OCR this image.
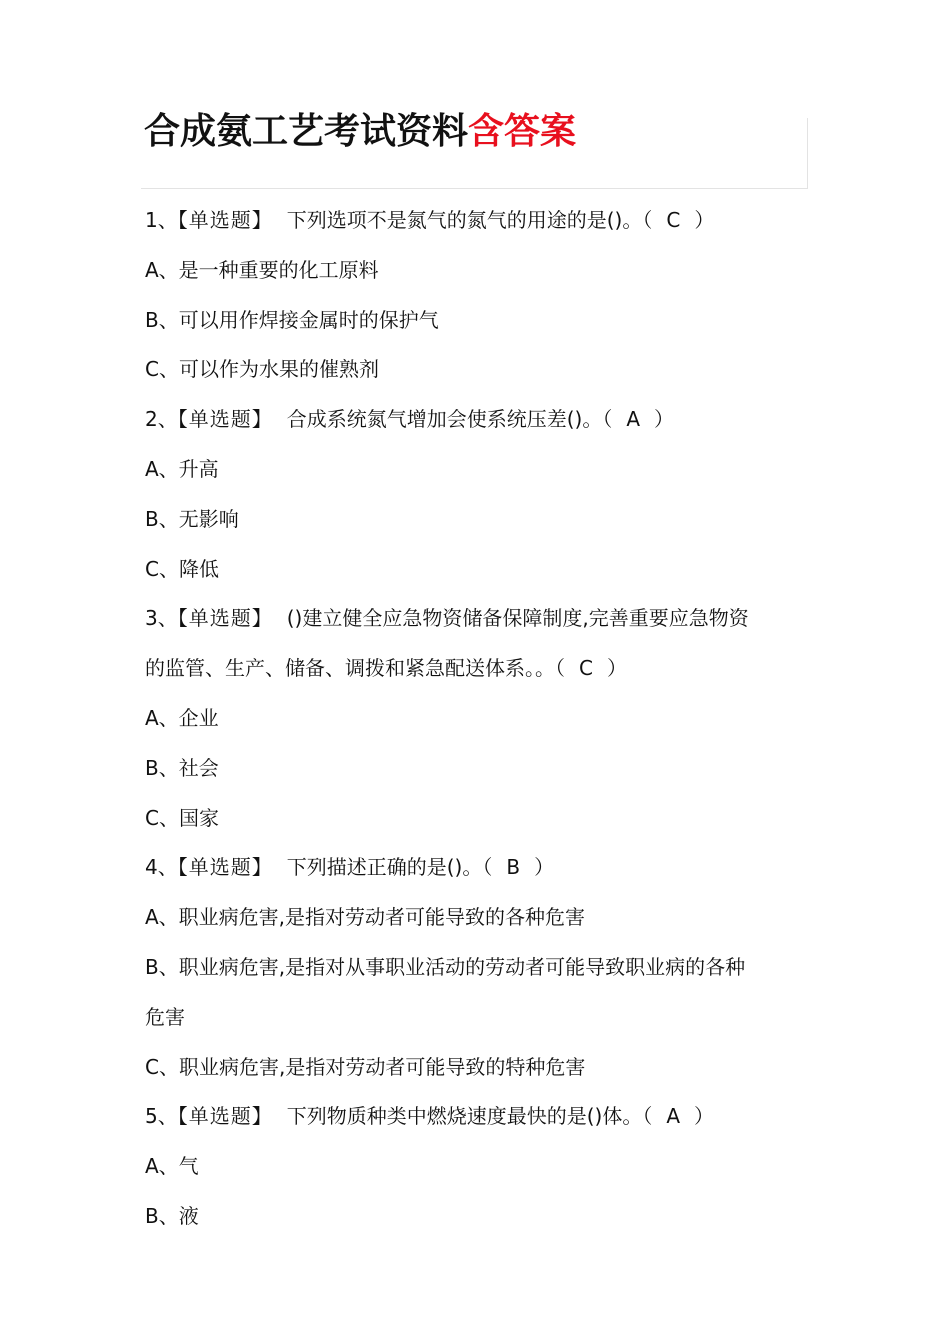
合成氨工艺考试资料含答案
1、【单选题】 下列选项不是氮气的氮气的用途的是()。（ C ）
A、是一种重要的化工原料
B、可以用作焊接金属时的保护气
C、可以作为水果的催熟剂
2、【单选题】 合成系统氮气增加会使系统压差()。（ A ）
A、升高
B、无影响
C、降低
3、【单选题】 ()建立健全应急物资储备保障制度,完善重要应急物资
的监管、生产、储备、调拨和紧急配送体系。。（ C ）
A、企业
B、社会
C、国家
4、【单选题】 下列描述正确的是()。（ B ）
A、职业病危害,是指对劳动者可能导致的各种危害
B、职业病危害,是指对从事职业活动的劳动者可能导致职业病的各种
危害
C、职业病危害,是指对劳动者可能导致的特种危害
5、【单选题】 下列物质种类中燃烧速度最快的是()体。（ A ）
A、气
B、液
